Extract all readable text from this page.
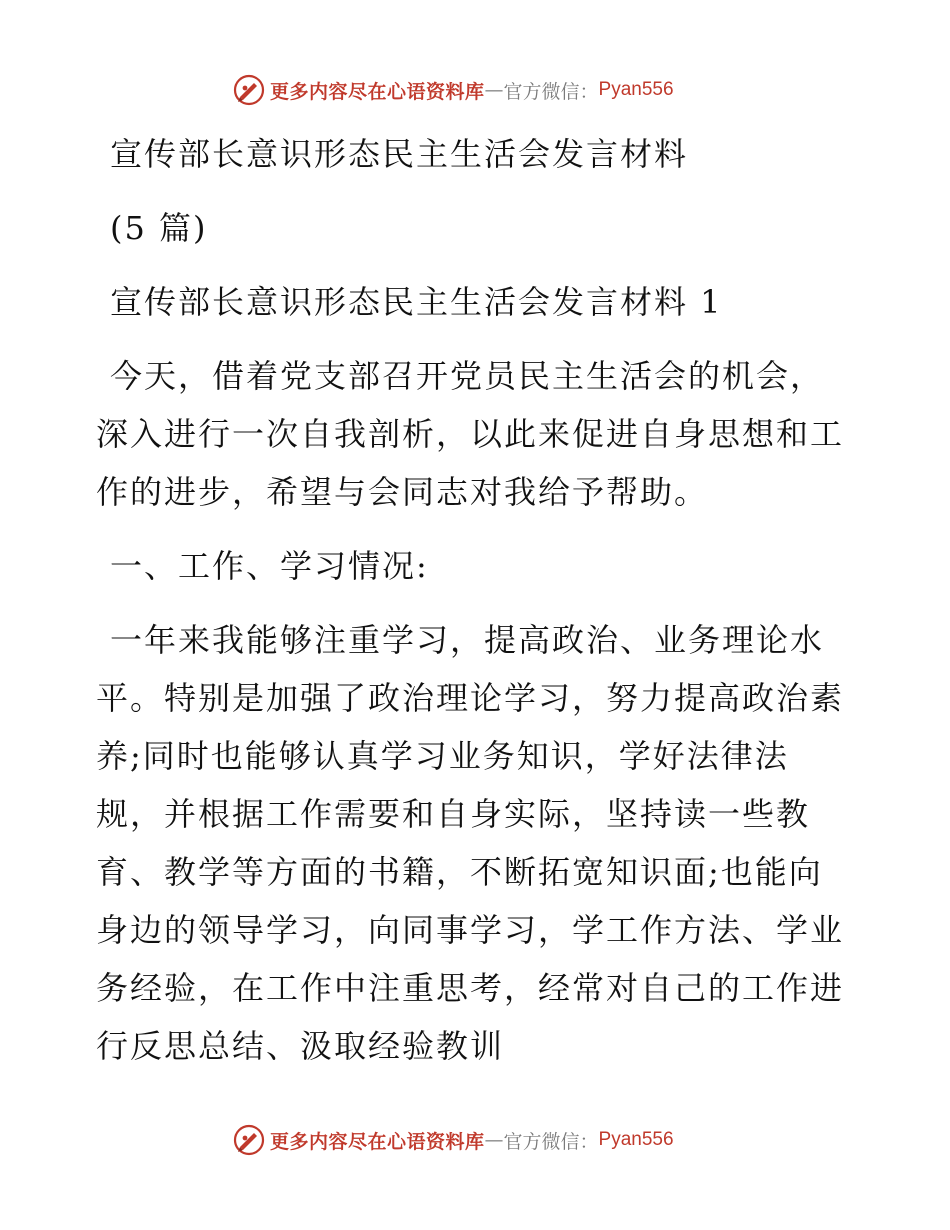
更多内容尽在心语资料库 — 官方微信： Pyan556
宣传部长意识形态民主生活会发言材料
(5 篇)
宣传部长意识形态民主生活会发言材料 1
今天，借着党支部召开党员民主生活会的机会，
深入进行一次自我剖析，以此来促进自身思想和工
作的进步，希望与会同志对我给予帮助。
一、工作、学习情况:
一年来我能够注重学习，提高政治、业务理论水
平。特别是加强了政治理论学习，努力提高政治素
养;同时也能够认真学习业务知识，学好法律法
规，并根据工作需要和自身实际，坚持读一些教
育、教学等方面的书籍，不断拓宽知识面;也能向
身边的领导学习，向同事学习，学工作方法、学业
务经验，在工作中注重思考，经常对自己的工作进
行反思总结、汲取经验教训
更多内容尽在心语资料库 — 官方微信： Pyan556
